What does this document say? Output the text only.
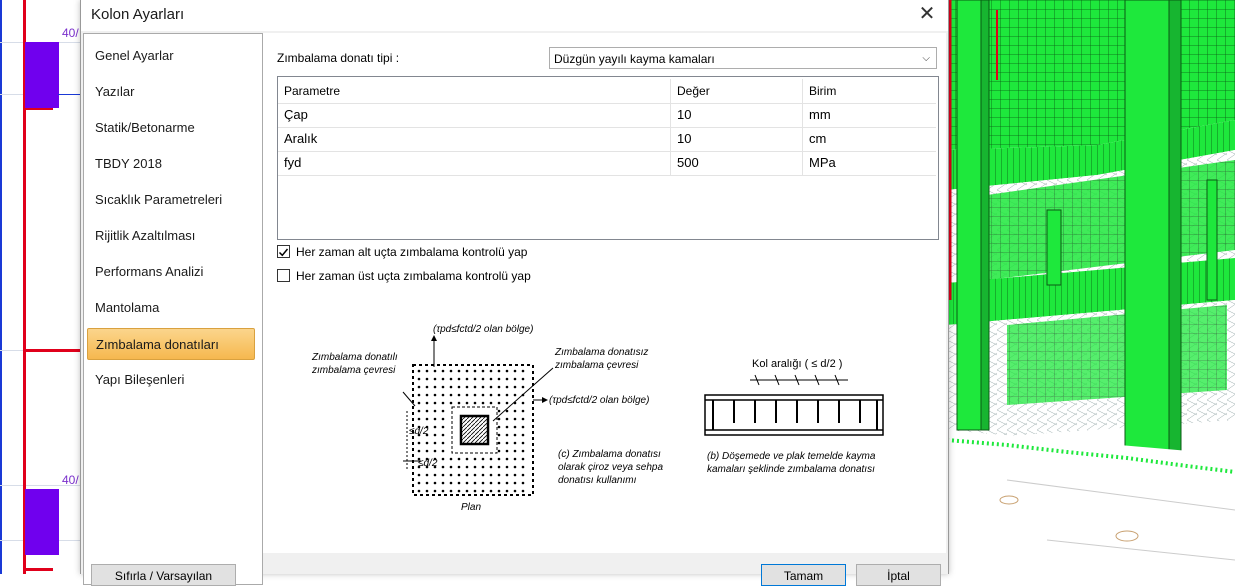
40/
40/
Kolon Ayarları	✕
Genel Ayarlar
Yazılar
Statik/Betonarme
TBDY 2018
Sıcaklık Parametreleri
Rijitlik Azaltılması
Performans Analizi
Mantolama
Zımbalama donatıları
Yapı Bileşenleri
Zımbalama donatı tipi :	Düzgün yayılı kayma kamaları	⌵
Parametre	Değer	Birim
Çap	10	mm
Aralık	10	cm
fyd	500	MPa
Her zaman alt uçta zımbalama kontrolü yap
Her zaman üst uçta zımbalama kontrolü yap
(τpd≤fctd/2 olan bölge)
Zımbalama donatılı
zımbalama çevresi
Zımbalama donatısız
zımbalama çevresi
(τpd≤fctd/2 olan bölge)
≤d/2
≤d/2
Plan
(c) Zımbalama donatısı
olarak çiroz veya sehpa
donatısı kullanımı
Kol aralığı ( ≤ d/2 )
(b) Döşemede ve plak temelde kayma
kamaları şeklinde zımbalama donatısı
Sıfırla / Varsayılan	Tamam	İptal
